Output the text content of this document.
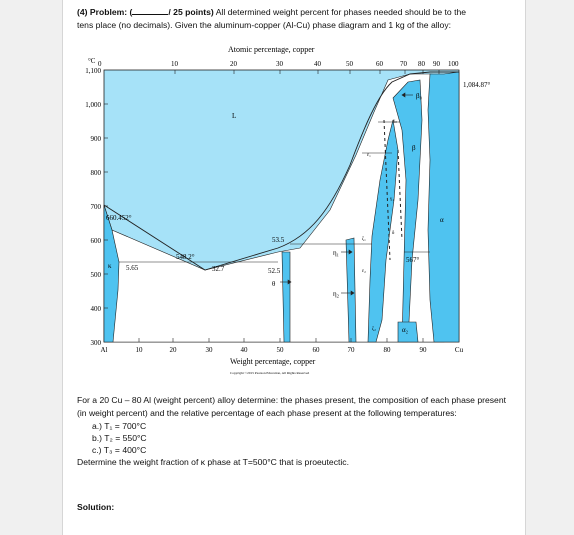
(4) Problem: (	/ 25 points) All determined weight percent for phases needed should be to the
tens place (no decimals). Given the aluminum-copper (Al-Cu) phase diagram and 1 kg of the alloy:
Atomic percentage, copper
0	10	20	30	40	50	60 70 80 90 100
°C
1,100
1,000
900
800
700
600
500
400
300
Al	10	20	30	40	50	60	70	80	90	Cu
Weight percentage, copper
Copyright ©2015 Pearson Education, All Rights Reserved
660.452°
1,084.87°
548.2°
5.65	32.7
53.5
52.5
567°
L
κ
θ
η₁
η₂
β₀
β
α
α₂
ε₁
ε₂
ζ₁
ζ₂
γ₀
γ₁
δ

For a 20 Cu – 80 Al (weight percent) alloy determine: the phases present, the composition of each phase present (in weight percent) and the relative percentage of each phase present at the following temperatures:

a.) T₁ = 700°C
b.) T₂ = 550°C
c.) T₃ = 400°C

Determine the weight fraction of κ phase at T=500°C that is proeutectic.

Solution:
